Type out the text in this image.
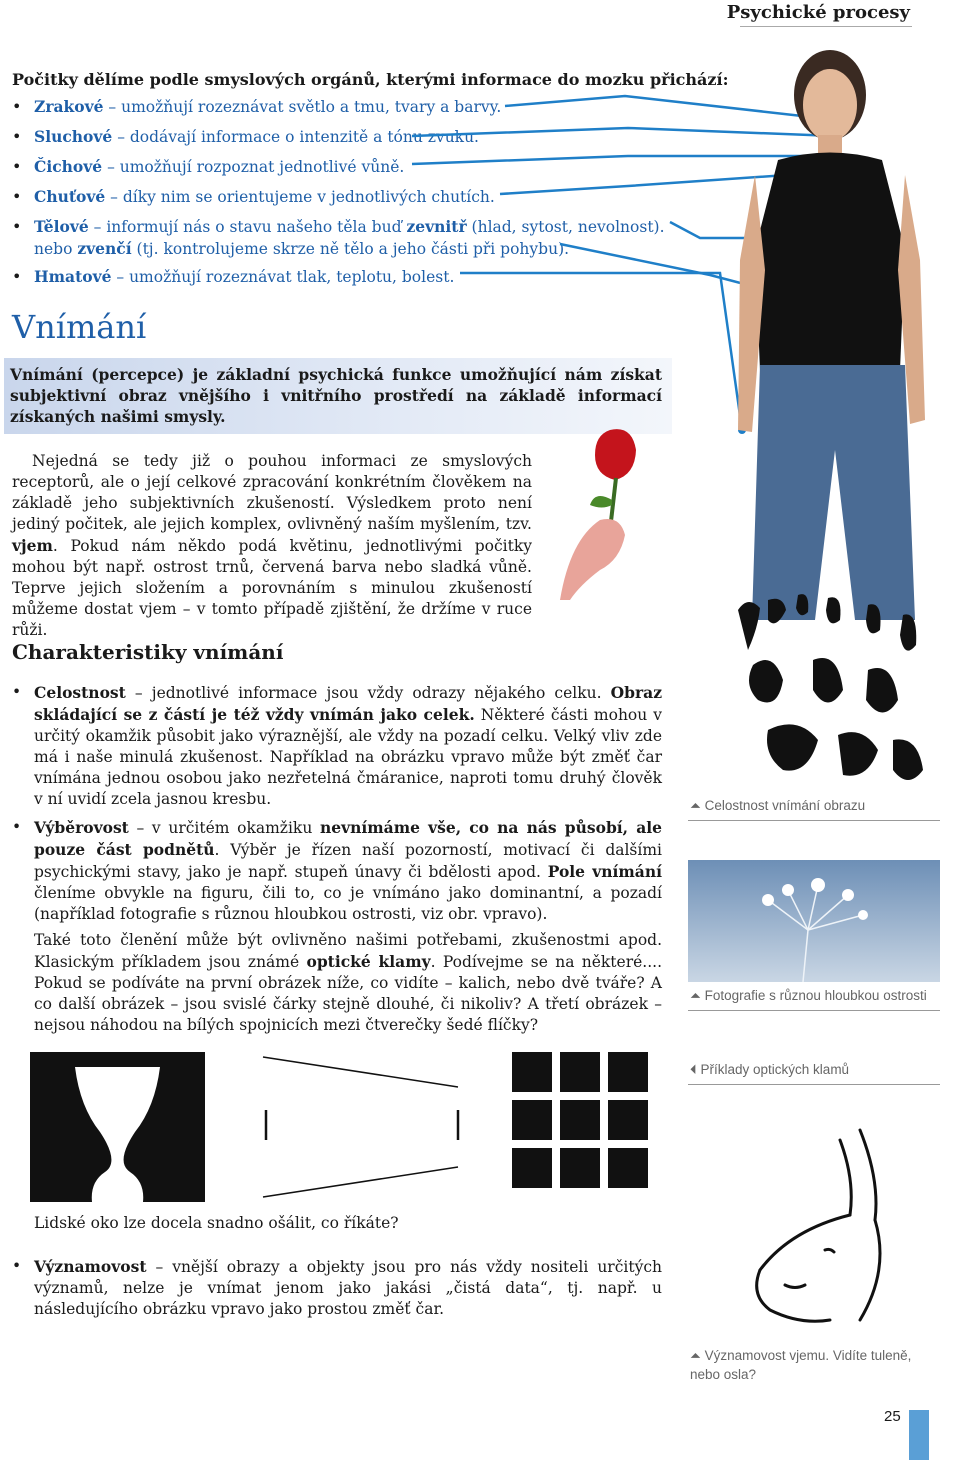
Psychické procesy
Počitky dělíme podle smyslových orgánů, kterými informace do mozku přichází:
• Zrakové – umožňují rozeznávat světlo a tmu, tvary a barvy.
• Sluchové – dodávají informace o intenzitě a tónu zvuku.
• Čichové – umožňují rozpoznat jednotlivé vůně.
• Chuťové – díky nim se orientujeme v jednotlivých chutích.
• Tělové – informují nás o stavu našeho těla buď zevnitř (hlad, sytost, nevolnost). nebo zvenčí (tj. kontrolujeme skrze ně tělo a jeho části při pohybu).
• Hmatové – umožňují rozeznávat tlak, teplotu, bolest.
Vnímání
Vnímání (percepce) je základní psychická funkce umožňující nám získat subjektivní obraz vnějšího i vnitřního prostředí na základě informací získaných našimi smysly.
Nejedná se tedy již o pouhou informaci ze smyslových receptorů, ale o její celkové zpracování konkrétním člověkem na základě jeho subjektivních zkušeností. Výsledkem proto není jediný počitek, ale jejich komplex, ovlivněný naším myšlením, tzv. vjem. Pokud nám někdo podá květinu, jednotlivými počitky mohou být např. ostrost trnů, červená barva nebo sladká vůně. Teprve jejich složením a porovnáním s minulou zkušeností můžeme dostat vjem – v tomto případě zjištění, že držíme v ruce růži.
Charakteristiky vnímání
• Celostnost – jednotlivé informace jsou vždy odrazy nějakého celku. Obraz skládající se z částí je též vždy vnímán jako celek. Některé části mohou v určitý okamžik působit jako výraznější, ale vždy na pozadí celku. Velký vliv zde má i naše minulá zkušenost. Například na obrázku vpravo může být změť čar vnímána jednou osobou jako nezřetelná čmáranice, naproti tomu druhý člověk v ní uvidí zcela jasnou kresbu.
• Výběrovost – v určitém okamžiku nevnímáme vše, co na nás působí, ale pouze část podnětů. Výběr je řízen naší pozorností, motivací či dalšími psychickými stavy, jako je např. stupeň únavy či bdělosti apod. Pole vnímání členíme obvykle na figuru, čili to, co je vnímáno jako dominantní, a pozadí (například fotografie s různou hloubkou ostrosti, viz obr. vpravo).
Také toto členění může být ovlivněno našimi potřebami, zkušenostmi apod. Klasickým příkladem jsou známé optické klamy. Podívejme se na některé.... Pokud se podíváte na první obrázek níže, co vidíte – kalich, nebo dvě tváře? A co další obrázek – jsou svislé čárky stejně dlouhé, či nikoliv? A třetí obrázek – nejsou náhodou na bílých spojnicích mezi čtverečky šedé flíčky?
Lidské oko lze docela snadno ošálit, co říkáte?
• Významovost – vnější obrazy a objekty jsou pro nás vždy nositeli určitých významů, nelze je vnímat jenom jako jakási „čistá data“, tj. např. u následujícího obrázku vpravo jako prostou změť čar.
⏶ Celostnost vnímání obrazu
⏶ Fotografie s různou hloubkou ostrosti
⏴ Příklady optických klamů
⏶ Významovost vjemu. Vidíte tuleně, nebo osla?
25
